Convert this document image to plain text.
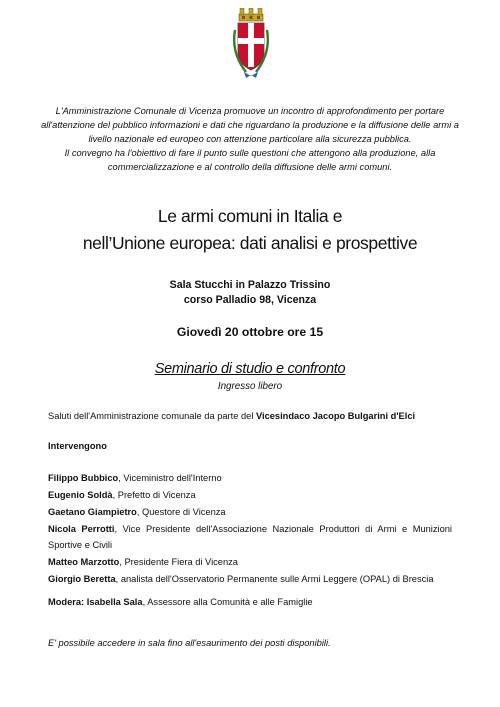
L'Amministrazione Comunale di Vicenza promuove un incontro di approfondimento per portare
all'attenzione del pubblico informazioni e dati che riguardano la produzione e la diffusione delle armi a
livello nazionale ed europeo con attenzione particolare alla sicurezza pubblica.
Il convegno ha l'obiettivo di fare il punto sulle questioni che attengono alla produzione, alla
commercializzazione e al controllo della diffusione delle armi comuni.
Le armi comuni in Italia e
nell’Unione europea: dati analisi e prospettive
Sala Stucchi in Palazzo Trissino
corso Palladio 98, Vicenza
Giovedì 20 ottobre ore 15
Seminario di studio e confronto
Ingresso libero
Saluti dell'Amministrazione comunale da parte del Vicesindaco Jacopo Bulgarini d'Elci
Intervengono
Filippo Bubbico, Viceministro dell'Interno
Eugenio Soldà, Prefetto di Vicenza
Gaetano Giampietro, Questore di Vicenza
Nicola Perrotti, Vice Presidente dell'Associazione Nazionale Produttori di Armi e Munizioni Sportive e Civili
Matteo Marzotto, Presidente Fiera di Vicenza
Giorgio Beretta, analista dell'Osservatorio Permanente sulle Armi Leggere (OPAL) di Brescia
Modera: Isabella Sala, Assessore alla Comunità e alle Famiglie
E' possibile accedere in sala fino all'esaurimento dei posti disponibili.
